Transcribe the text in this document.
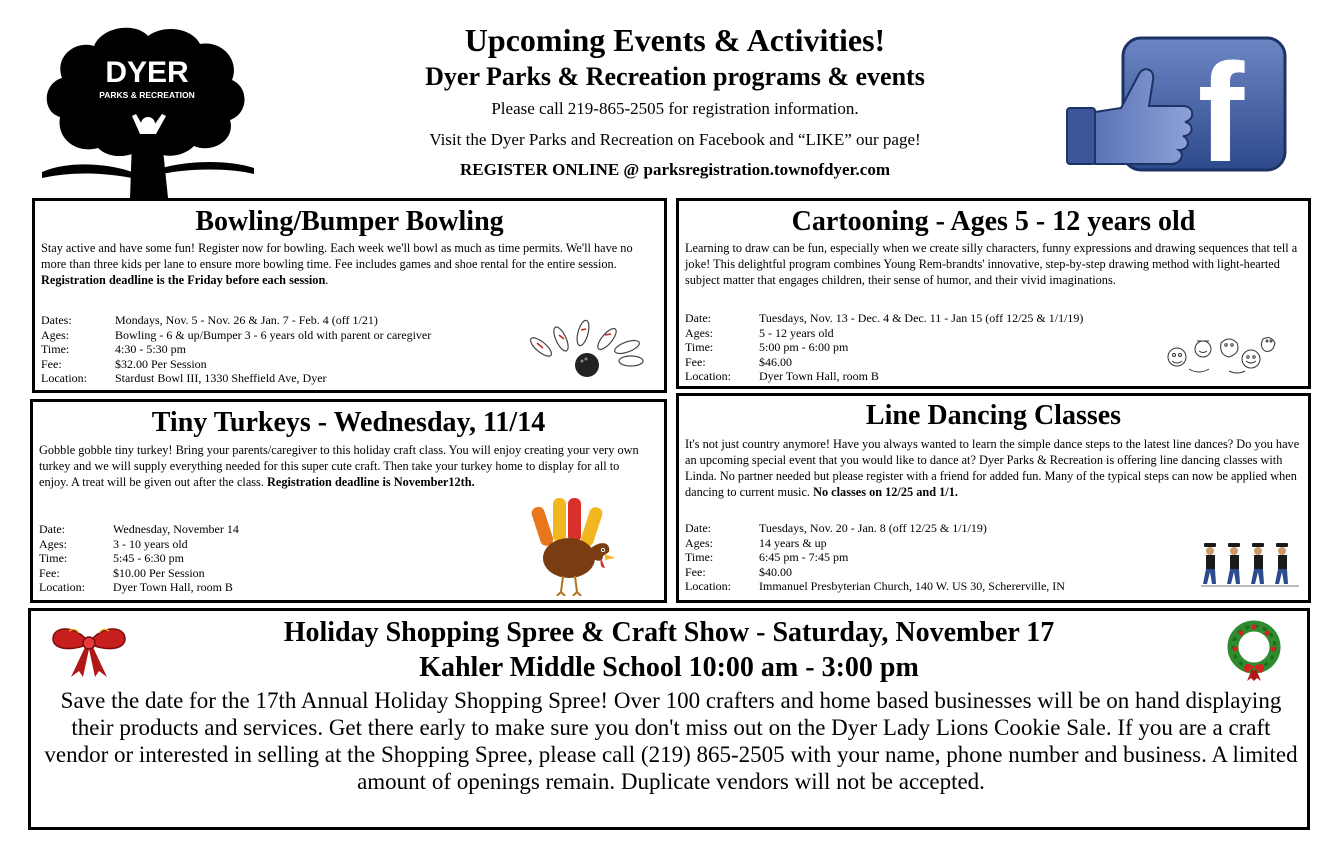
DYER
PARKS & RECREATION
Upcoming Events & Activities!
Dyer Parks & Recreation programs & events
Please call 219-865-2505 for registration information.
Visit the Dyer Parks and Recreation on Facebook and “LIKE” our page!
REGISTER ONLINE @ parksregistration.townofdyer.com	f
Bowling/Bumper Bowling
Stay active and have some fun! Register now for bowling. Each week we'll bowl as much as time permits. We'll have no more than three kids per lane to ensure more bowling time. Fee includes games and shoe rental for the entire session. Registration deadline is the Friday before each session.
Dates:	Mondays, Nov. 5 - Nov. 26 & Jan. 7 - Feb. 4 (off 1/21)
Ages:	Bowling - 6 & up/Bumper 3 - 6 years old with parent or caregiver
Time:	4:30 - 5:30 pm
Fee:	$32.00 Per Session
Location:	Stardust Bowl III, 1330 Sheffield Ave, Dyer
Cartooning - Ages 5 - 12 years old
Learning to draw can be fun, especially when we create silly characters, funny expressions and drawing sequences that tell a joke! This delightful program combines Young Rem-brandts' innovative, step-by-step drawing method with light-hearted subject matter that engages children, their sense of humor, and their vivid imaginations.
Date:	Tuesdays, Nov. 13 - Dec. 4 & Dec. 11 - Jan 15 (off 12/25 & 1/1/19)
Ages:	5 - 12 years old
Time:	5:00 pm - 6:00 pm
Fee:	$46.00
Location:	Dyer Town Hall, room B
Tiny Turkeys - Wednesday, 11/14
Gobble gobble tiny turkey! Bring your parents/caregiver to this holiday craft class. You will enjoy creating your very own turkey and we will supply everything needed for this super cute craft. Then take your turkey home to display for all to enjoy. A treat will be given out after the class. Registration deadline is November12th.
Date:	Wednesday, November 14
Ages:	3 - 10 years old
Time:	5:45 - 6:30 pm
Fee:	$10.00 Per Session
Location:	Dyer Town Hall, room B
Line Dancing Classes
It's not just country anymore! Have you always wanted to learn the simple dance steps to the latest line dances? Do you have an upcoming special event that you would like to dance at? Dyer Parks & Recreation is offering line dancing classes with Linda. No partner needed but please register with a friend for added fun. Many of the typical steps can now be applied when dancing to current music. No classes on 12/25 and 1/1.
Date:	Tuesdays, Nov. 20 - Jan. 8 (off 12/25 & 1/1/19)
Ages:	14 years & up
Time:	6:45 pm - 7:45 pm
Fee:	$40.00
Location:	Immanuel Presbyterian Church, 140 W. US 30, Schererville, IN
Holiday Shopping Spree & Craft Show - Saturday, November 17
Kahler Middle School 10:00 am - 3:00 pm
Save the date for the 17th Annual Holiday Shopping Spree! Over 100 crafters and home based businesses will be on hand displaying their products and services. Get there early to make sure you don't miss out on the Dyer Lady Lions Cookie Sale. If you are a craft vendor or interested in selling at the Shopping Spree, please call (219) 865-2505 with your name, phone number and business. A limited amount of openings remain. Duplicate vendors will not be accepted.
